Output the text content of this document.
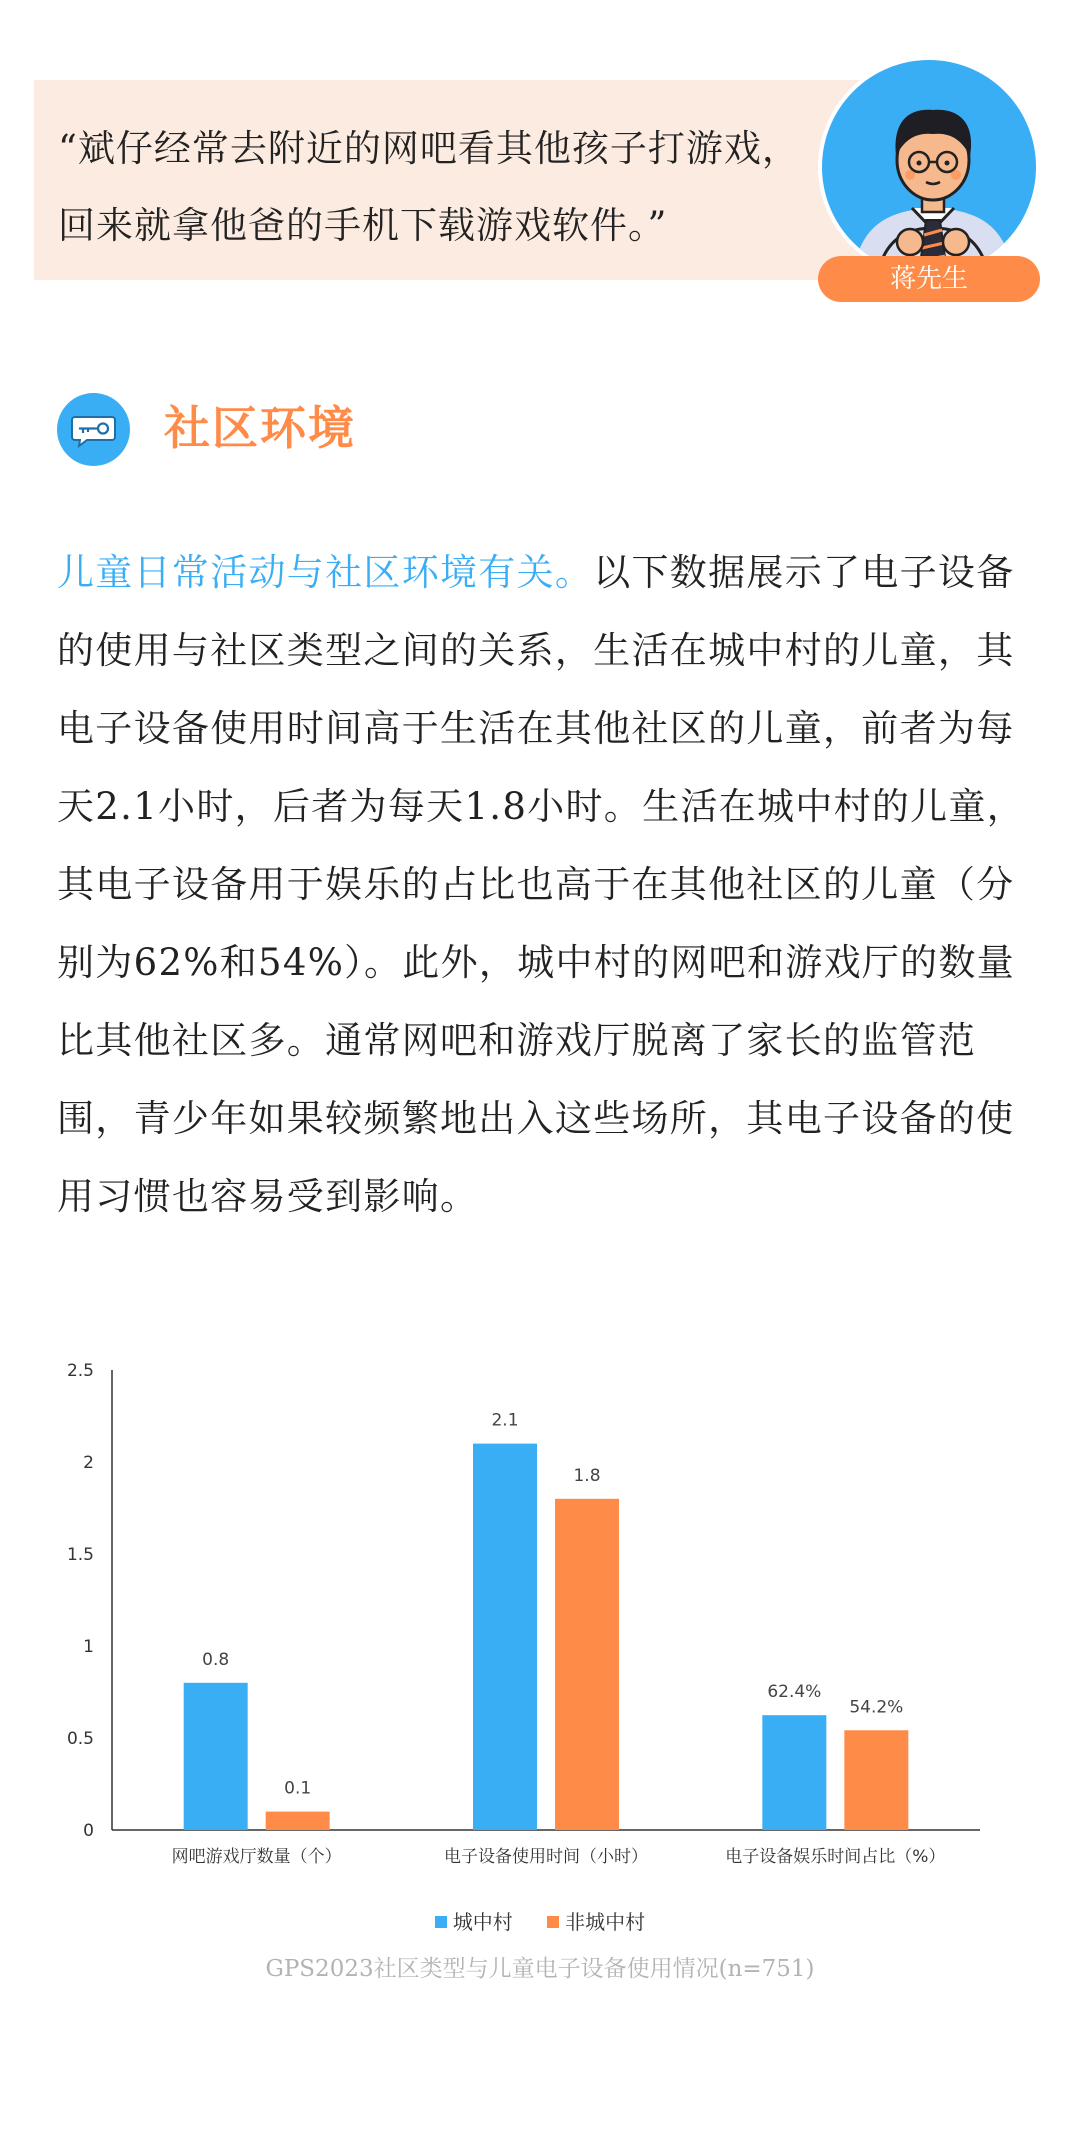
“斌仔经常去附近的网吧看其他孩子打游戏，回来就拿他爸的手机下载游戏软件。”
蒋先生
社区环境
儿童日常活动与社区环境有关。以下数据展示了电子设备的使用与社区类型之间的关系，生活在城中村的儿童，其电子设备使用时间高于生活在其他社区的儿童，前者为每天2.1小时，后者为每天1.8小时。生活在城中村的儿童，其电子设备用于娱乐的占比也高于在其他社区的儿童（分别为62%和54%）。此外，城中村的网吧和游戏厅的数量比其他社区多。通常网吧和游戏厅脱离了家长的监管范围，青少年如果较频繁地出入这些场所，其电子设备的使用习惯也容易受到影响。
0
0.5
1
1.5
2
2.5
0.8
0.1
网吧游戏厅数量（个）
2.1
1.8
电子设备使用时间（小时）
62.4%
54.2%
电子设备娱乐时间占比（%）
城中村	非城中村
GPS2023社区类型与儿童电子设备使用情况(n=751)
